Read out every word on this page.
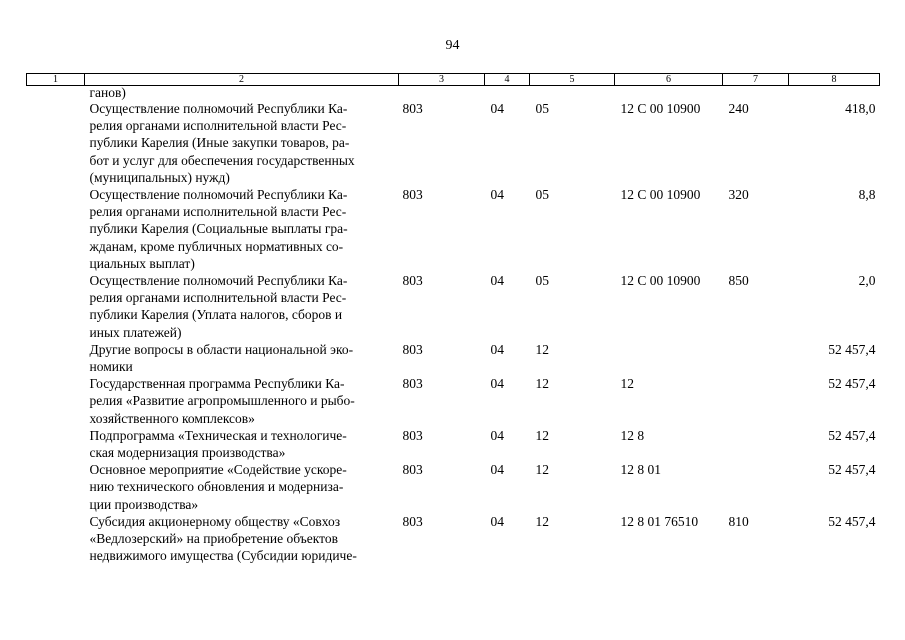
94
1	2	3	4	5	6	7	8
	ганов)						

	Осуществление полномочий Республики Ка-
релия органами исполнительной власти Рес-
публики Карелия (Иные закупки товаров, ра-
бот и услуг для обеспечения государственных
(муниципальных) нужд)	803	04	05	12 С 00 10900	240	418,0

	Осуществление полномочий Республики Ка-
релия органами исполнительной власти Рес-
публики Карелия (Социальные выплаты гра-
жданам, кроме публичных нормативных со-
циальных выплат)	803	04	05	12 С 00 10900	320	8,8

	Осуществление полномочий Республики Ка-
релия органами исполнительной власти Рес-
публики Карелия (Уплата налогов, сборов и
иных платежей)	803	04	05	12 С 00 10900	850	2,0

	Другие вопросы в области национальной эко-
номики	803	04	12			52 457,4

	Государственная программа Республики Ка-
релия «Развитие агропромышленного и рыбо-
хозяйственного комплексов»	803	04	12	12		52 457,4

	Подпрограмма «Техническая и технологиче-
ская модернизация производства»	803	04	12	12 8		52 457,4

	Основное мероприятие «Содействие ускоре-
нию технического обновления и модерниза-
ции производства»	803	04	12	12 8 01		52 457,4

	Субсидия акционерному обществу «Совхоз
«Ведлозерский» на приобретение объектов
недвижимого имущества (Субсидии юридиче-	803	04	12	12 8 01 76510	810	52 457,4
